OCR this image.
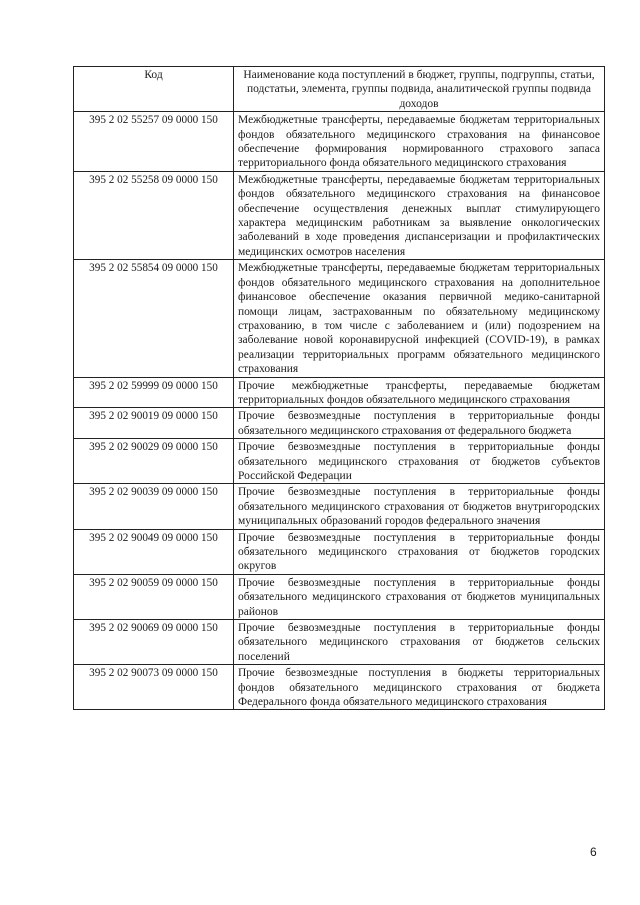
Код	Наименование кода поступлений в бюджет, группы, подгруппы, статьи, подстатьи, элемента, группы подвида, аналитической группы подвида доходов
395 2 02 55257 09 0000 150	Межбюджетные трансферты, передаваемые бюджетам территориальных фондов обязательного медицинского страхования на финансовое обеспечение формирования нормированного страхового запаса территориального фонда обязательного медицинского страхования
395 2 02 55258 09 0000 150	Межбюджетные трансферты, передаваемые бюджетам территориальных фондов обязательного медицинского страхования на финансовое обеспечение осуществления денежных выплат стимулирующего характера медицинским работникам за выявление онкологических заболеваний в ходе проведения диспансеризации и профилактических медицинских осмотров населения
395 2 02 55854 09 0000 150	Межбюджетные трансферты, передаваемые бюджетам территориальных фондов обязательного медицинского страхования на дополнительное финансовое обеспечение оказания первичной медико-санитарной помощи лицам, застрахованным по обязательному медицинскому страхованию, в том числе с заболеванием и (или) подозрением на заболевание новой коронавирусной инфекцией (COVID-19), в рамках реализации территориальных программ обязательного медицинского страхования
395 2 02 59999 09 0000 150	Прочие межбюджетные трансферты, передаваемые бюджетам территориальных фондов обязательного медицинского страхования
395 2 02 90019 09 0000 150	Прочие безвозмездные поступления в территориальные фонды обязательного медицинского страхования от федерального бюджета
395 2 02 90029 09 0000 150	Прочие безвозмездные поступления в территориальные фонды обязательного медицинского страхования от бюджетов субъектов Российской Федерации
395 2 02 90039 09 0000 150	Прочие безвозмездные поступления в территориальные фонды обязательного медицинского страхования от бюджетов внутригородских муниципальных образований городов федерального значения
395 2 02 90049 09 0000 150	Прочие безвозмездные поступления в территориальные фонды обязательного медицинского страхования от бюджетов городских округов
395 2 02 90059 09 0000 150	Прочие безвозмездные поступления в территориальные фонды обязательного медицинского страхования от бюджетов муниципальных районов
395 2 02 90069 09 0000 150	Прочие безвозмездные поступления в территориальные фонды обязательного медицинского страхования от бюджетов сельских поселений
395 2 02 90073 09 0000 150	Прочие безвозмездные поступления в бюджеты территориальных фондов обязательного медицинского страхования от бюджета Федерального фонда обязательного медицинского страхования
6
